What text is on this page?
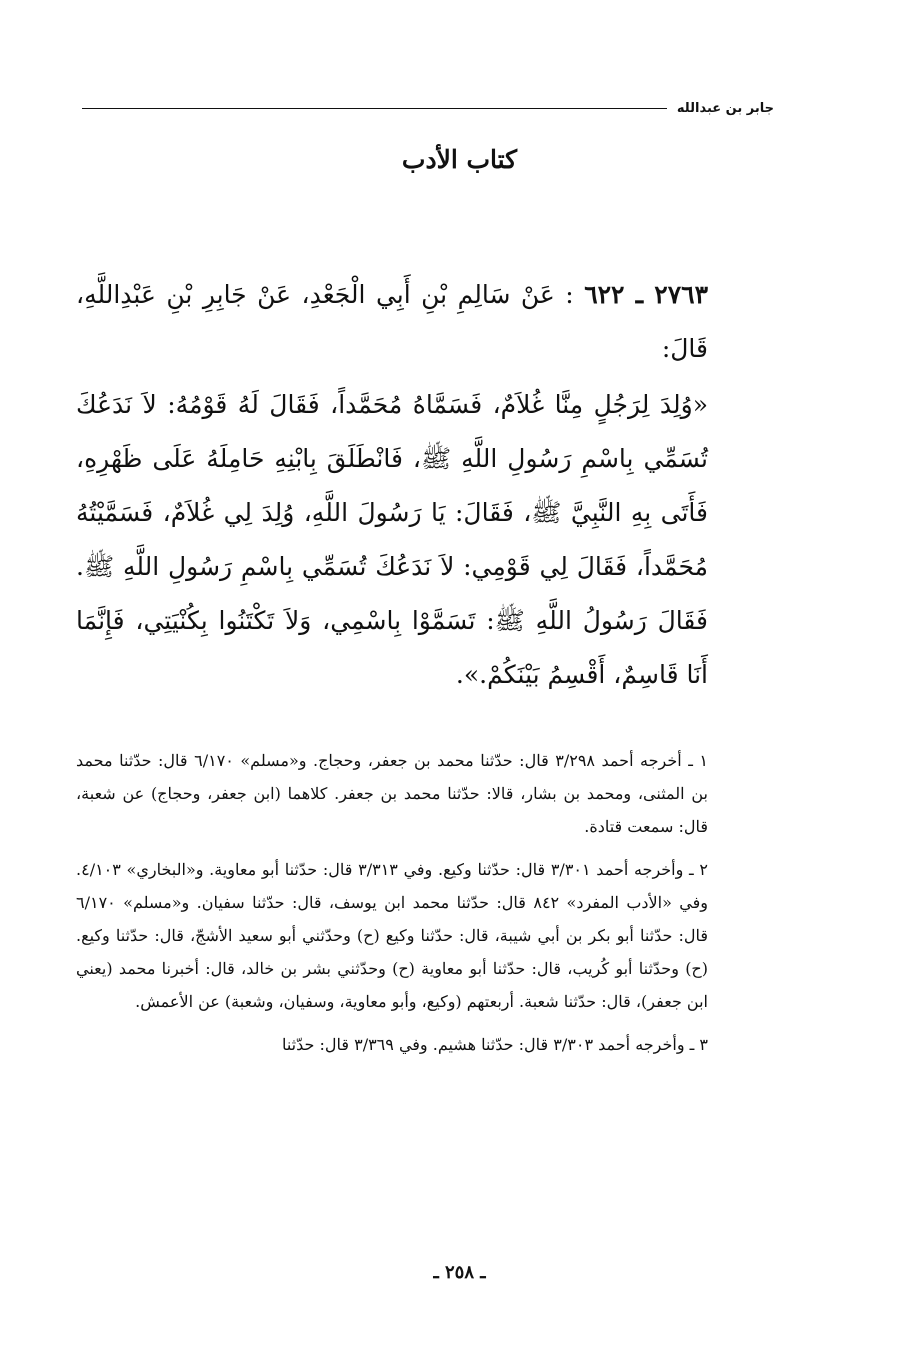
جابر بن عبدالله
كتاب الأدب

٢٧٦٣ ـ ٦٢٢ : عَنْ سَالِمِ بْنِ أَبِي الْجَعْدِ، عَنْ جَابِرِ بْنِ عَبْدِاللَّهِ، قَالَ:

«وُلِدَ لِرَجُلٍ مِنَّا غُلاَمٌ، فَسَمَّاهُ مُحَمَّداً، فَقَالَ لَهُ قَوْمُهُ: لاَ نَدَعُكَ تُسَمِّي بِاسْمِ رَسُولِ اللَّهِ ﷺ، فَانْطَلَقَ بِابْنِهِ حَامِلَهُ عَلَى ظَهْرِهِ، فَأَتَى بِهِ النَّبِيَّ ﷺ، فَقَالَ: يَا رَسُولَ اللَّهِ، وُلِدَ لِي غُلاَمٌ، فَسَمَّيْتُهُ مُحَمَّداً، فَقَالَ لِي قَوْمِي: لاَ نَدَعُكَ تُسَمِّي بِاسْمِ رَسُولِ اللَّهِ ﷺ. فَقَالَ رَسُولُ اللَّهِ ﷺ: تَسَمَّوْا بِاسْمِي، وَلاَ تَكْتَنُوا بِكُنْيَتِي، فَإِنَّمَا أَنَا قَاسِمٌ، أَقْسِمُ بَيْنَكُمْ.».

١ ـ أخرجه أحمد ٣/٢٩٨ قال: حدّثنا محمد بن جعفر، وحجاج. و«مسلم» ٦/١٧٠ قال: حدّثنا محمد بن المثنى، ومحمد بن بشار، قالا: حدّثنا محمد بن جعفر. كلاهما (ابن جعفر، وحجاج) عن شعبة، قال: سمعت قتادة.

٢ ـ وأخرجه أحمد ٣/٣٠١ قال: حدّثنا وكيع. وفي ٣/٣١٣ قال: حدّثنا أبو معاوية. و«البخاري» ٤/١٠٣. وفي «الأدب المفرد» ٨٤٢ قال: حدّثنا محمد ابن يوسف، قال: حدّثنا سفيان. و«مسلم» ٦/١٧٠ قال: حدّثنا أبو بكر بن أبي شيبة، قال: حدّثنا وكيع (ح) وحدّثني أبو سعيد الأشجّ، قال: حدّثنا وكيع. (ح) وحدّثنا أبو كُريب، قال: حدّثنا أبو معاوية (ح) وحدّثني بشر بن خالد، قال: أخبرنا محمد (يعني ابن جعفر)، قال: حدّثنا شعبة. أربعتهم (وكيع، وأبو معاوية، وسفيان، وشعبة) عن الأعمش.

٣ ـ وأخرجه أحمد ٣/٣٠٣ قال: حدّثنا هشيم. وفي ٣/٣٦٩ قال: حدّثنا

ـ ٢٥٨ ـ
